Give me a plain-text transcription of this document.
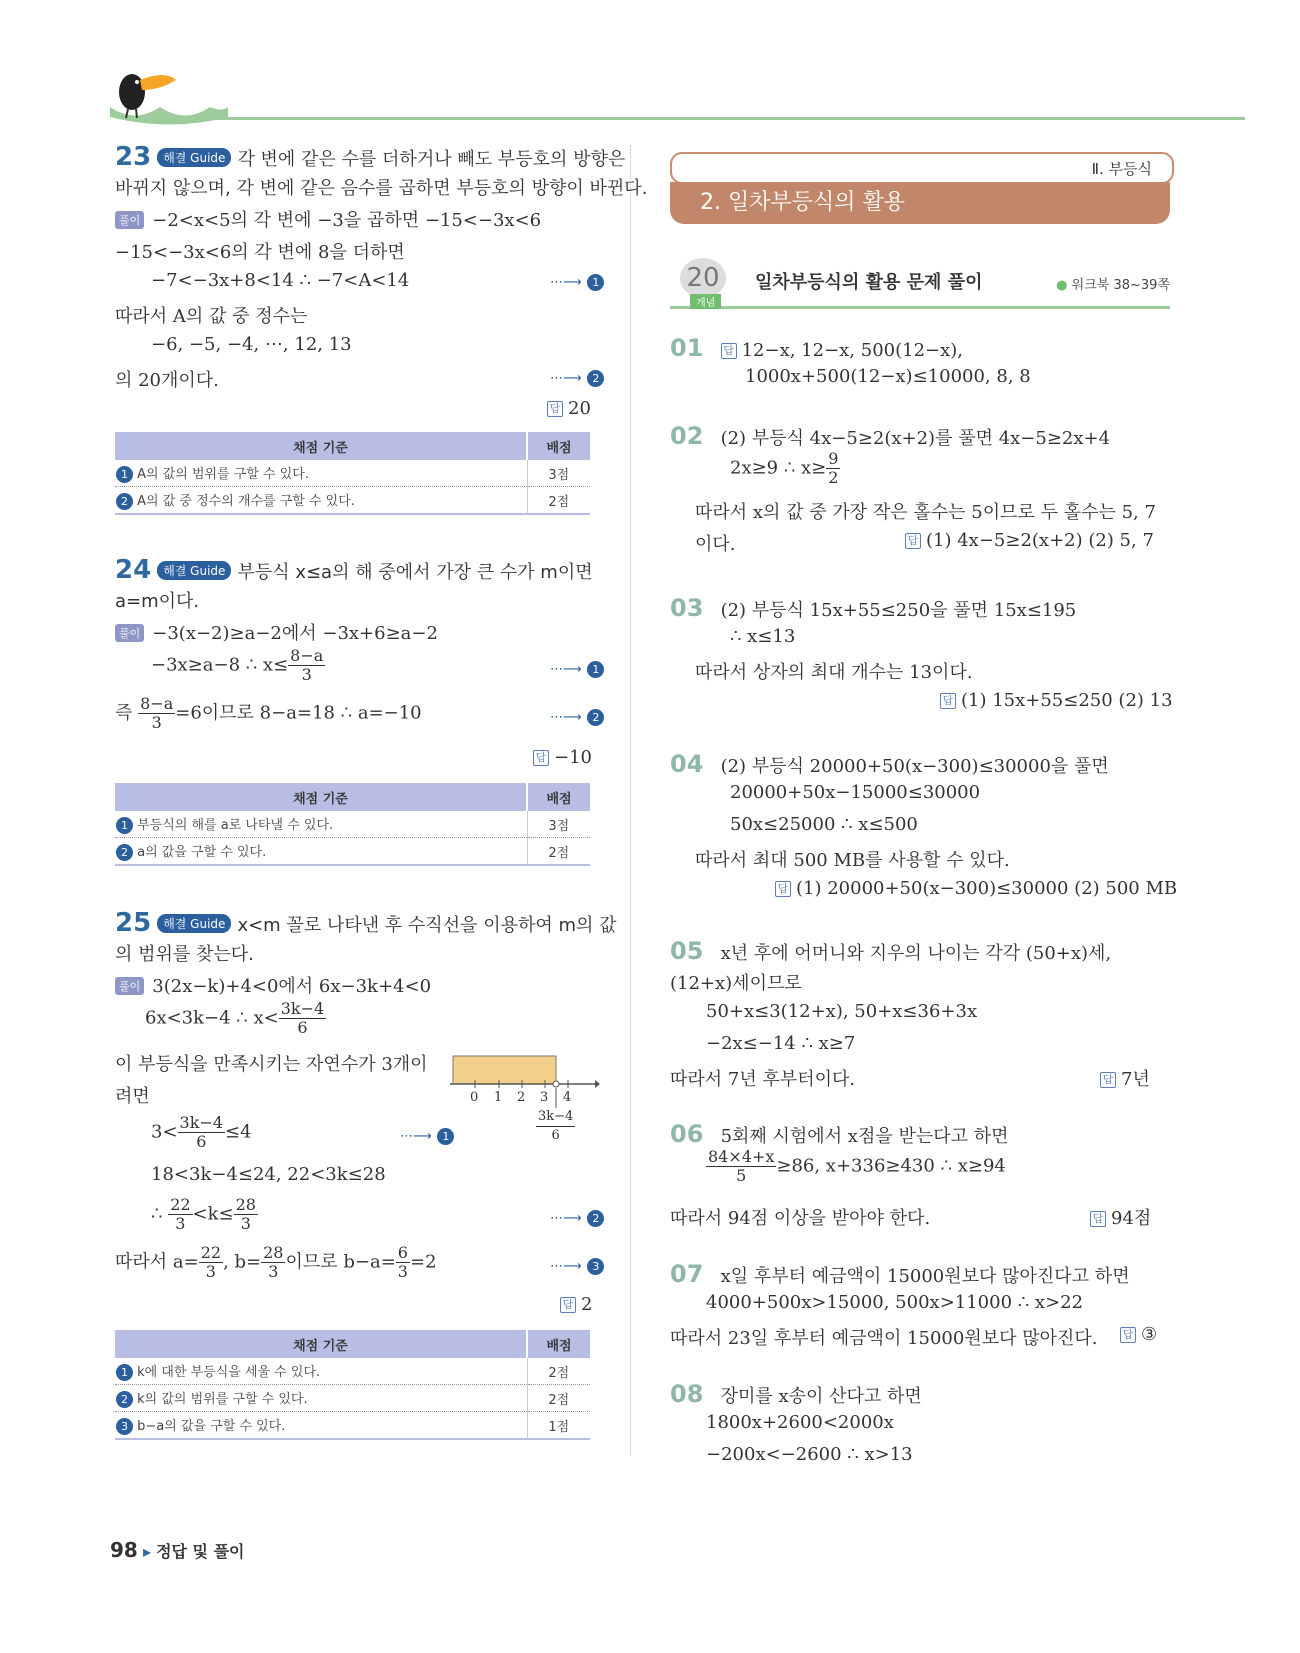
23 해결 Guide 각 변에 같은 수를 더하거나 빼도 부등호의 방향은
바뀌지 않으며, 각 변에 같은 음수를 곱하면 부등호의 방향이 바뀐다.
풀이 −2<x<5의 각 변에 −3을 곱하면 −15<−3x<6
−15<−3x<6의 각 변에 8을 더하면
−7<−3x+8<14 ∴ −7<A<14	⋯⟶ 1
따라서 A의 값 중 정수는
−6, −5, −4, ⋯, 12, 13
의 20개이다.	⋯⟶ 2
답 20
채점 기준	배점
1 A의 값의 범위를 구할 수 있다.	3점
2 A의 값 중 정수의 개수를 구할 수 있다.	2점
24 해결 Guide 부등식 x≤a의 해 중에서 가장 큰 수가 m이면
a=m이다.
풀이 −3(x−2)≥a−2에서 −3x+6≥a−2
−3x≥a−8 ∴ $x\le \frac{8-a}{3}$	⋯⟶ 1
즉 $\frac{8-a}{3} =6$이므로 8−a=18 ∴ a=−10	⋯⟶ 2
답 −10
채점 기준	배점
1 부등식의 해를 a로 나타낼 수 있다.	3점
2 a의 값을 구할 수 있다.	2점
25 해결 Guide x<m 꼴로 나타낸 후 수직선을 이용하여 m의 값
의 범위를 찾는다.
풀이 3(2x−k)+4<0에서 6x−3k+4<0
6x<3k−4 ∴ $x< \frac{3k-4}{6}$
이 부등식을 만족시키는 자연수가 3개이
려면	0 1 2 3 4
$\frac{3k-4}{6}$
$3< \frac{3k-4}{6} \le 4$	⋯⟶ 1
18<3k−4≤24, 22<3k≤28
∴ $\frac{22}{3} <k\le \frac{28}{3}$	⋯⟶ 2
따라서 $a= \frac{22}{3}$ , $b= \frac{28}{3}$ 이므로 $b-a= \frac{6}{3} =2$	⋯⟶ 3
답 2
채점 기준	배점
1 k에 대한 부등식을 세울 수 있다.	2점
2 k의 값의 범위를 구할 수 있다.	2점
3 b−a의 값을 구할 수 있다.	1점
Ⅱ. 부등식
2. 일차부등식의 활용
20
개념
일차부등식의 활용 문제 풀이	● 워크북 38~39쪽
01 답 12−x, 12−x, 500(12−x),
1000x+500(12−x)≤10000, 8, 8
02 (2) 부등식 4x−5≥2(x+2)를 풀면 4x−5≥2x+4
2x≥9 ∴ $x\ge \frac{9}{2}$
따라서 x의 값 중 가장 작은 홀수는 5이므로 두 홀수는 5, 7
이다.	답 (1) 4x−5≥2(x+2) (2) 5, 7
03 (2) 부등식 15x+55≤250을 풀면 15x≤195
∴ x≤13
따라서 상자의 최대 개수는 13이다.
답 (1) 15x+55≤250 (2) 13
04 (2) 부등식 20000+50(x−300)≤30000을 풀면
20000+50x−15000≤30000
50x≤25000 ∴ x≤500
따라서 최대 500 MB를 사용할 수 있다.
답 (1) 20000+50(x−300)≤30000 (2) 500 MB
05 x년 후에 어머니와 지우의 나이는 각각 (50+x)세,
(12+x)세이므로
50+x≤3(12+x), 50+x≤36+3x
−2x≤−14 ∴ x≥7
따라서 7년 후부터이다.	답 7년
06 5회째 시험에서 x점을 받는다고 하면
$\frac{84\times 4+x}{5} \ge 86$, x+336≥430 ∴ x≥94
따라서 94점 이상을 받아야 한다.	답 94점
07 x일 후부터 예금액이 15000원보다 많아진다고 하면
4000+500x>15000, 500x>11000 ∴ x>22
따라서 23일 후부터 예금액이 15000원보다 많아진다. 답 ③
08 장미를 x송이 산다고 하면
1800x+2600<2000x
−200x<−2600 ∴ x>13
98 ▸ 정답 및 풀이
